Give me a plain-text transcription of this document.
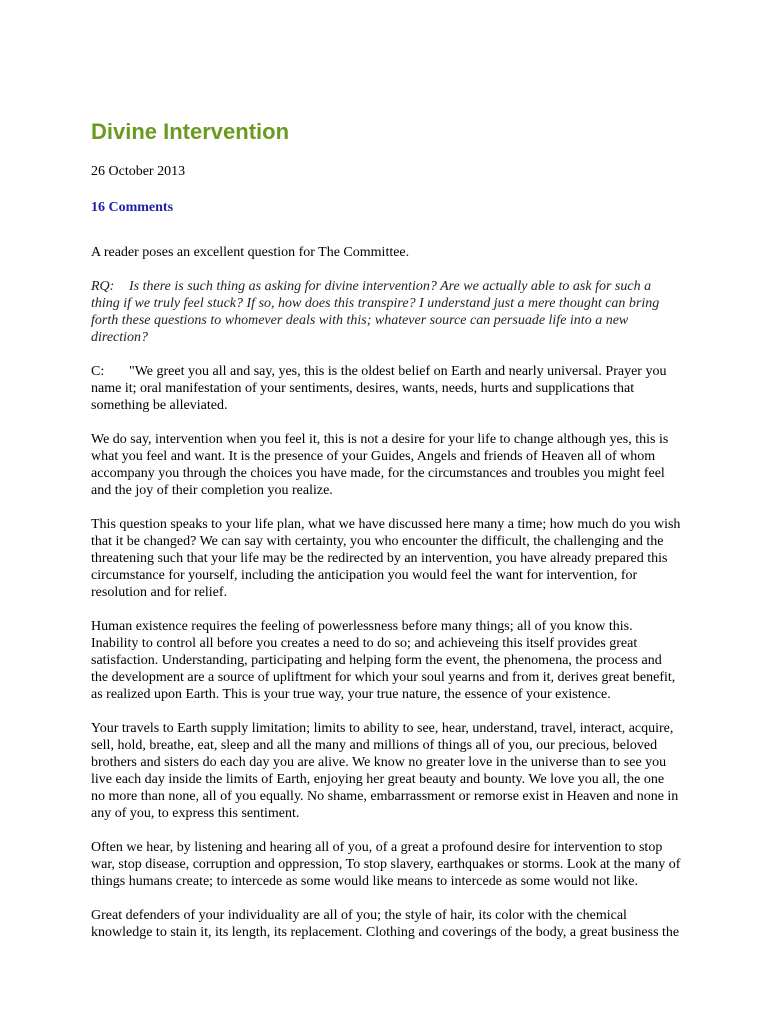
Divine Intervention

26 October 2013

16 Comments

A reader poses an excellent question for The Committee.

RQ: Is there is such thing as asking for divine intervention? Are we actually able to ask for such a thing if we truly feel stuck? If so, how does this transpire? I understand just a mere thought can bring forth these questions to whomever deals with this; whatever source can persuade life into a new direction?

C: "We greet you all and say, yes, this is the oldest belief on Earth and nearly universal. Prayer you name it; oral manifestation of your sentiments, desires, wants, needs, hurts and supplications that something be alleviated.

We do say, intervention when you feel it, this is not a desire for your life to change although yes, this is what you feel and want. It is the presence of your Guides, Angels and friends of Heaven all of whom accompany you through the choices you have made, for the circumstances and troubles you might feel and the joy of their completion you realize.

This question speaks to your life plan, what we have discussed here many a time; how much do you wish that it be changed? We can say with certainty, you who encounter the difficult, the challenging and the threatening such that your life may be the redirected by an intervention, you have already prepared this circumstance for yourself, including the anticipation you would feel the want for intervention, for resolution and for relief.

Human existence requires the feeling of powerlessness before many things; all of you know this. Inability to control all before you creates a need to do so; and achieveing this itself provides great satisfaction. Understanding, participating and helping form the event, the phenomena, the process and the development are a source of upliftment for which your soul yearns and from it, derives great benefit, as realized upon Earth. This is your true way, your true nature, the essence of your existence.

Your travels to Earth supply limitation; limits to ability to see, hear, understand, travel, interact, acquire, sell, hold, breathe, eat, sleep and all the many and millions of things all of you, our precious, beloved brothers and sisters do each day you are alive. We know no greater love in the universe than to see you live each day inside the limits of Earth, enjoying her great beauty and bounty. We love you all, the one no more than none, all of you equally. No shame, embarrassment or remorse exist in Heaven and none in any of you, to express this sentiment.

Often we hear, by listening and hearing all of you, of a great a profound desire for intervention to stop war, stop disease, corruption and oppression, To stop slavery, earthquakes or storms. Look at the many of things humans create; to intercede as some would like means to intercede as some would not like.

Great defenders of your individuality are all of you; the style of hair, its color with the chemical knowledge to stain it, its length, its replacement. Clothing and coverings of the body, a great business the
